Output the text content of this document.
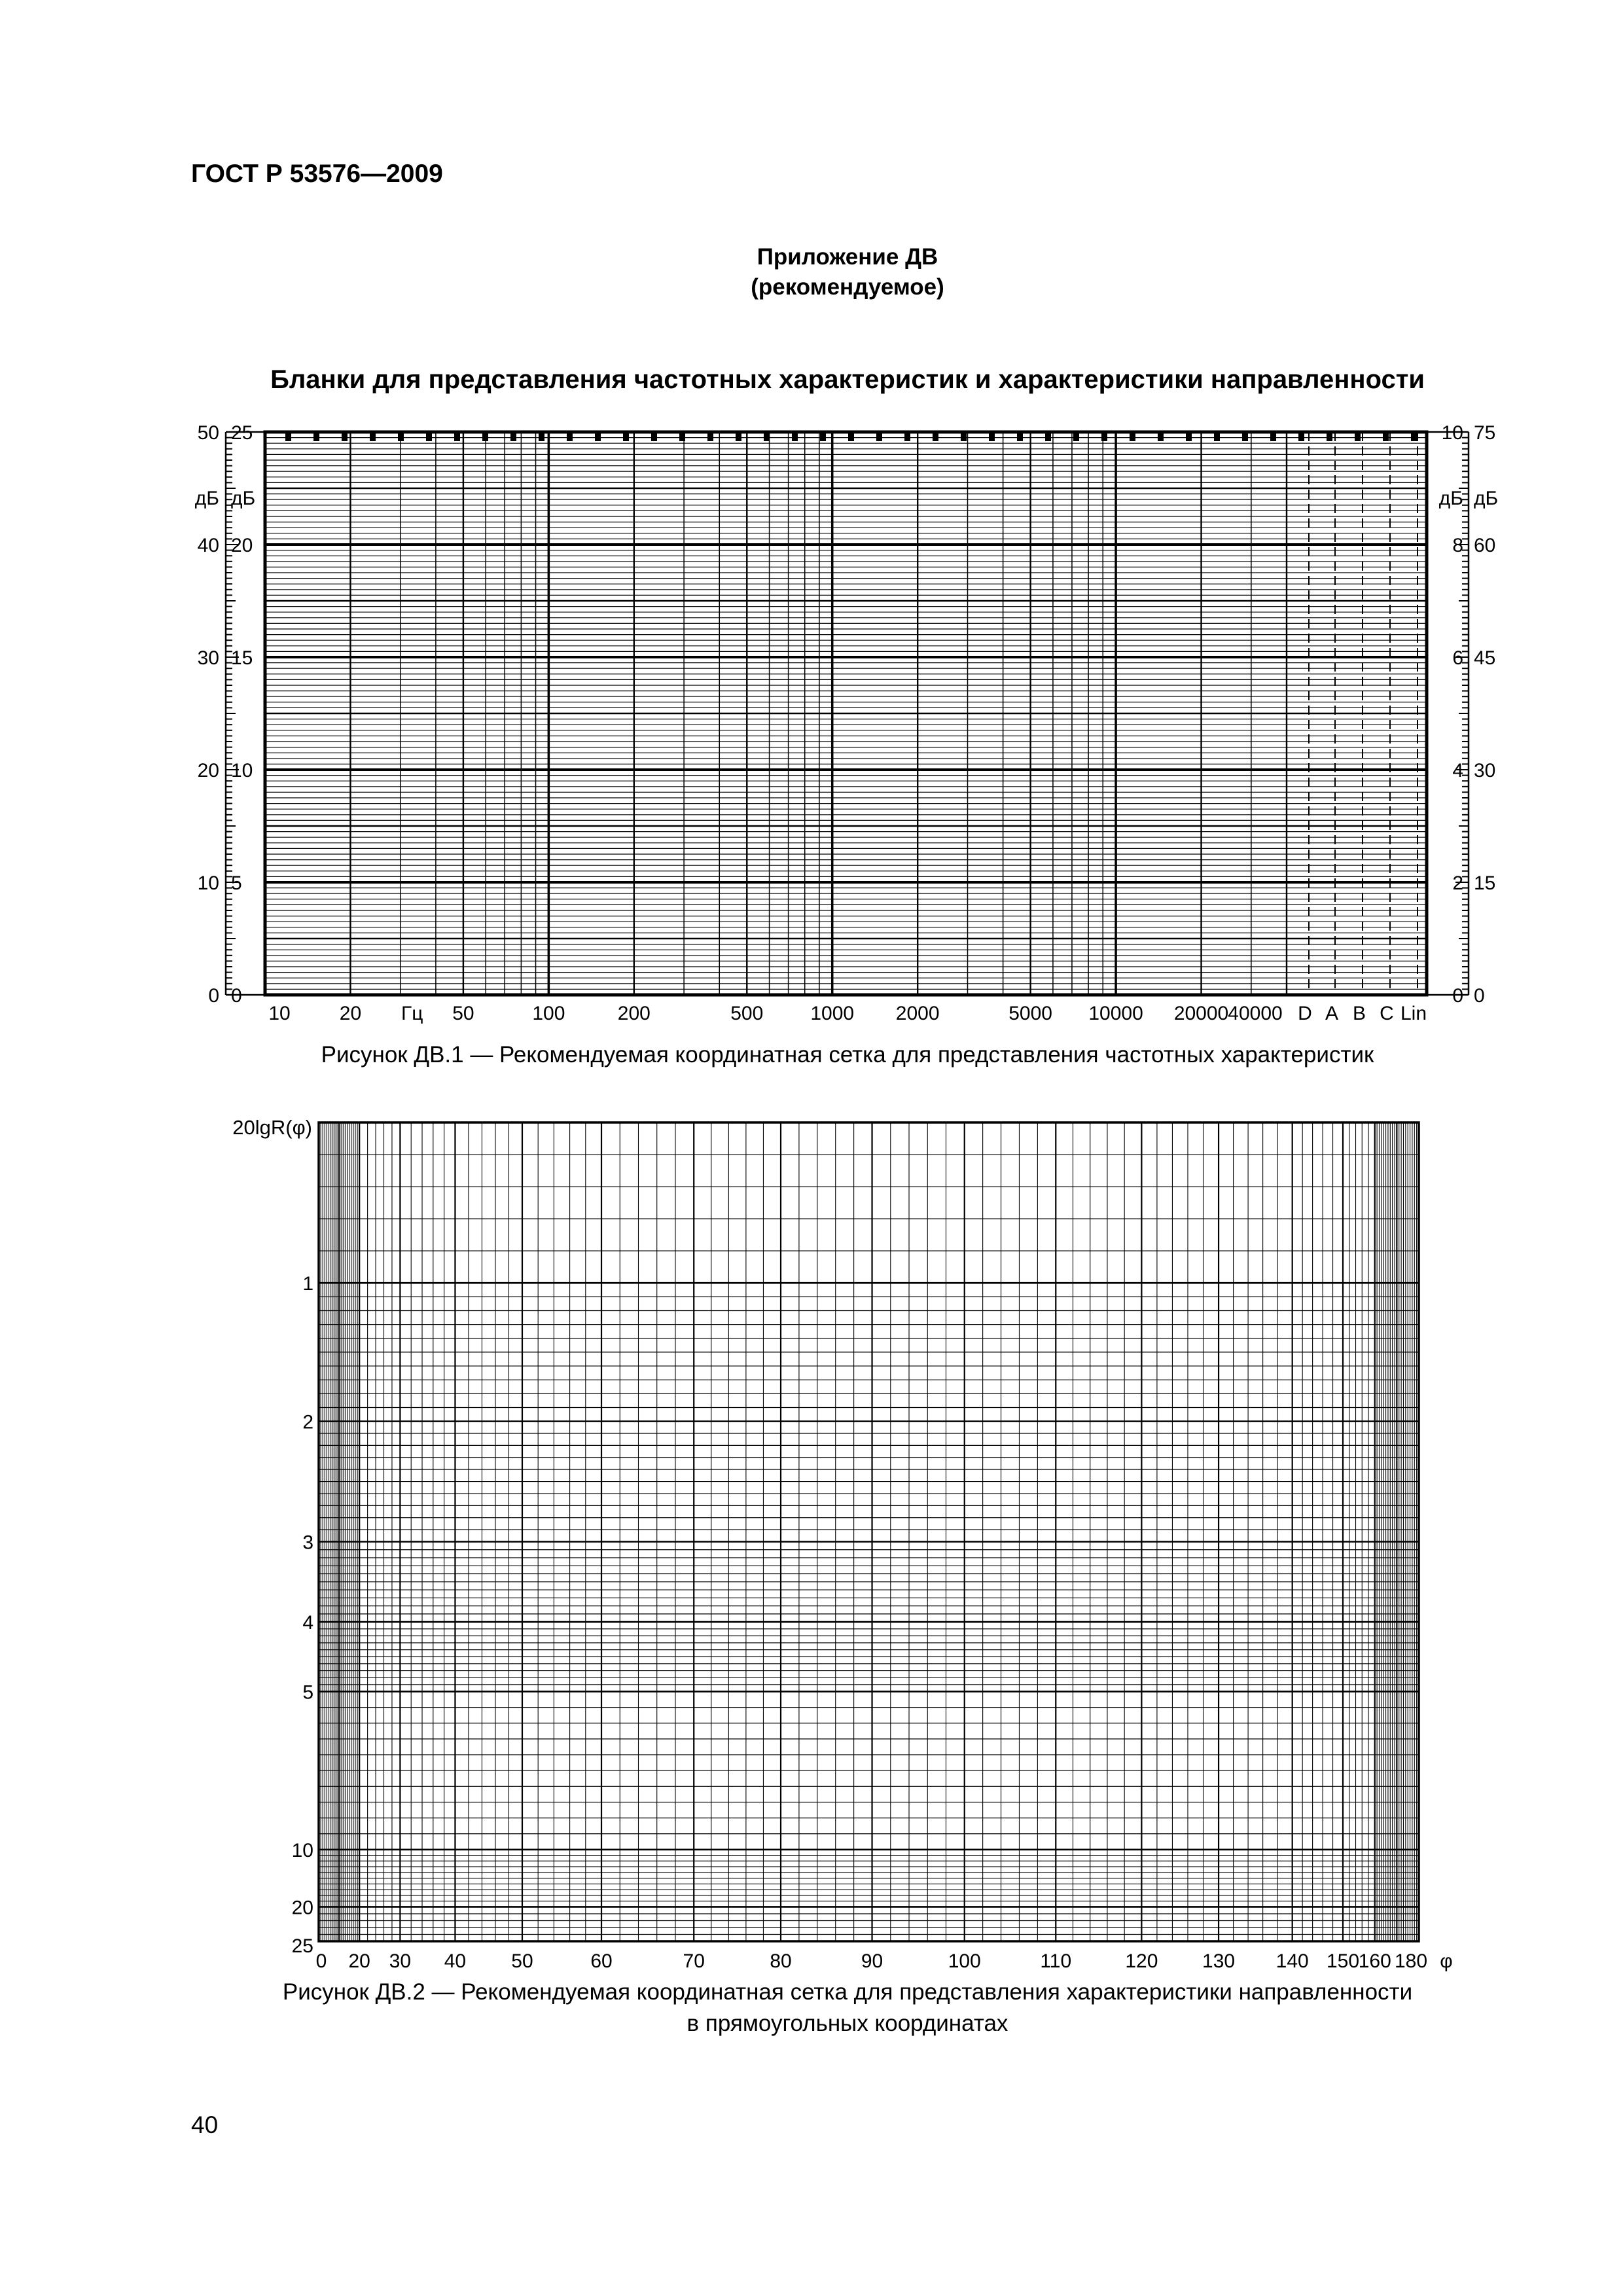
ГОСТ Р 53576—2009
Приложение ДВ
(рекомендуемое)
Бланки для представления частотных характеристик и характеристики направленности
50
дБ
40
30
20
10
0
25
дБ
20
15
10
5
0
10
дБ
8
6
4
2
0
75
дБ
60
45
30
15
0
10	20 Гц 50	100	200	500 1000 2000	5000 10000 20000 40000 D A B C Lin
20lgR(φ)
1
2
3
4
5
10
20
25
0 20 30 40 50	60	70	80	90	100	110	120 130 140 150
160 180 φ
Рисунок ДВ.1 — Рекомендуемая координатная сетка для представления частотных характеристик
Рисунок ДВ.2 — Рекомендуемая координатная сетка для представления характеристики направленности
в прямоугольных координатах
40
